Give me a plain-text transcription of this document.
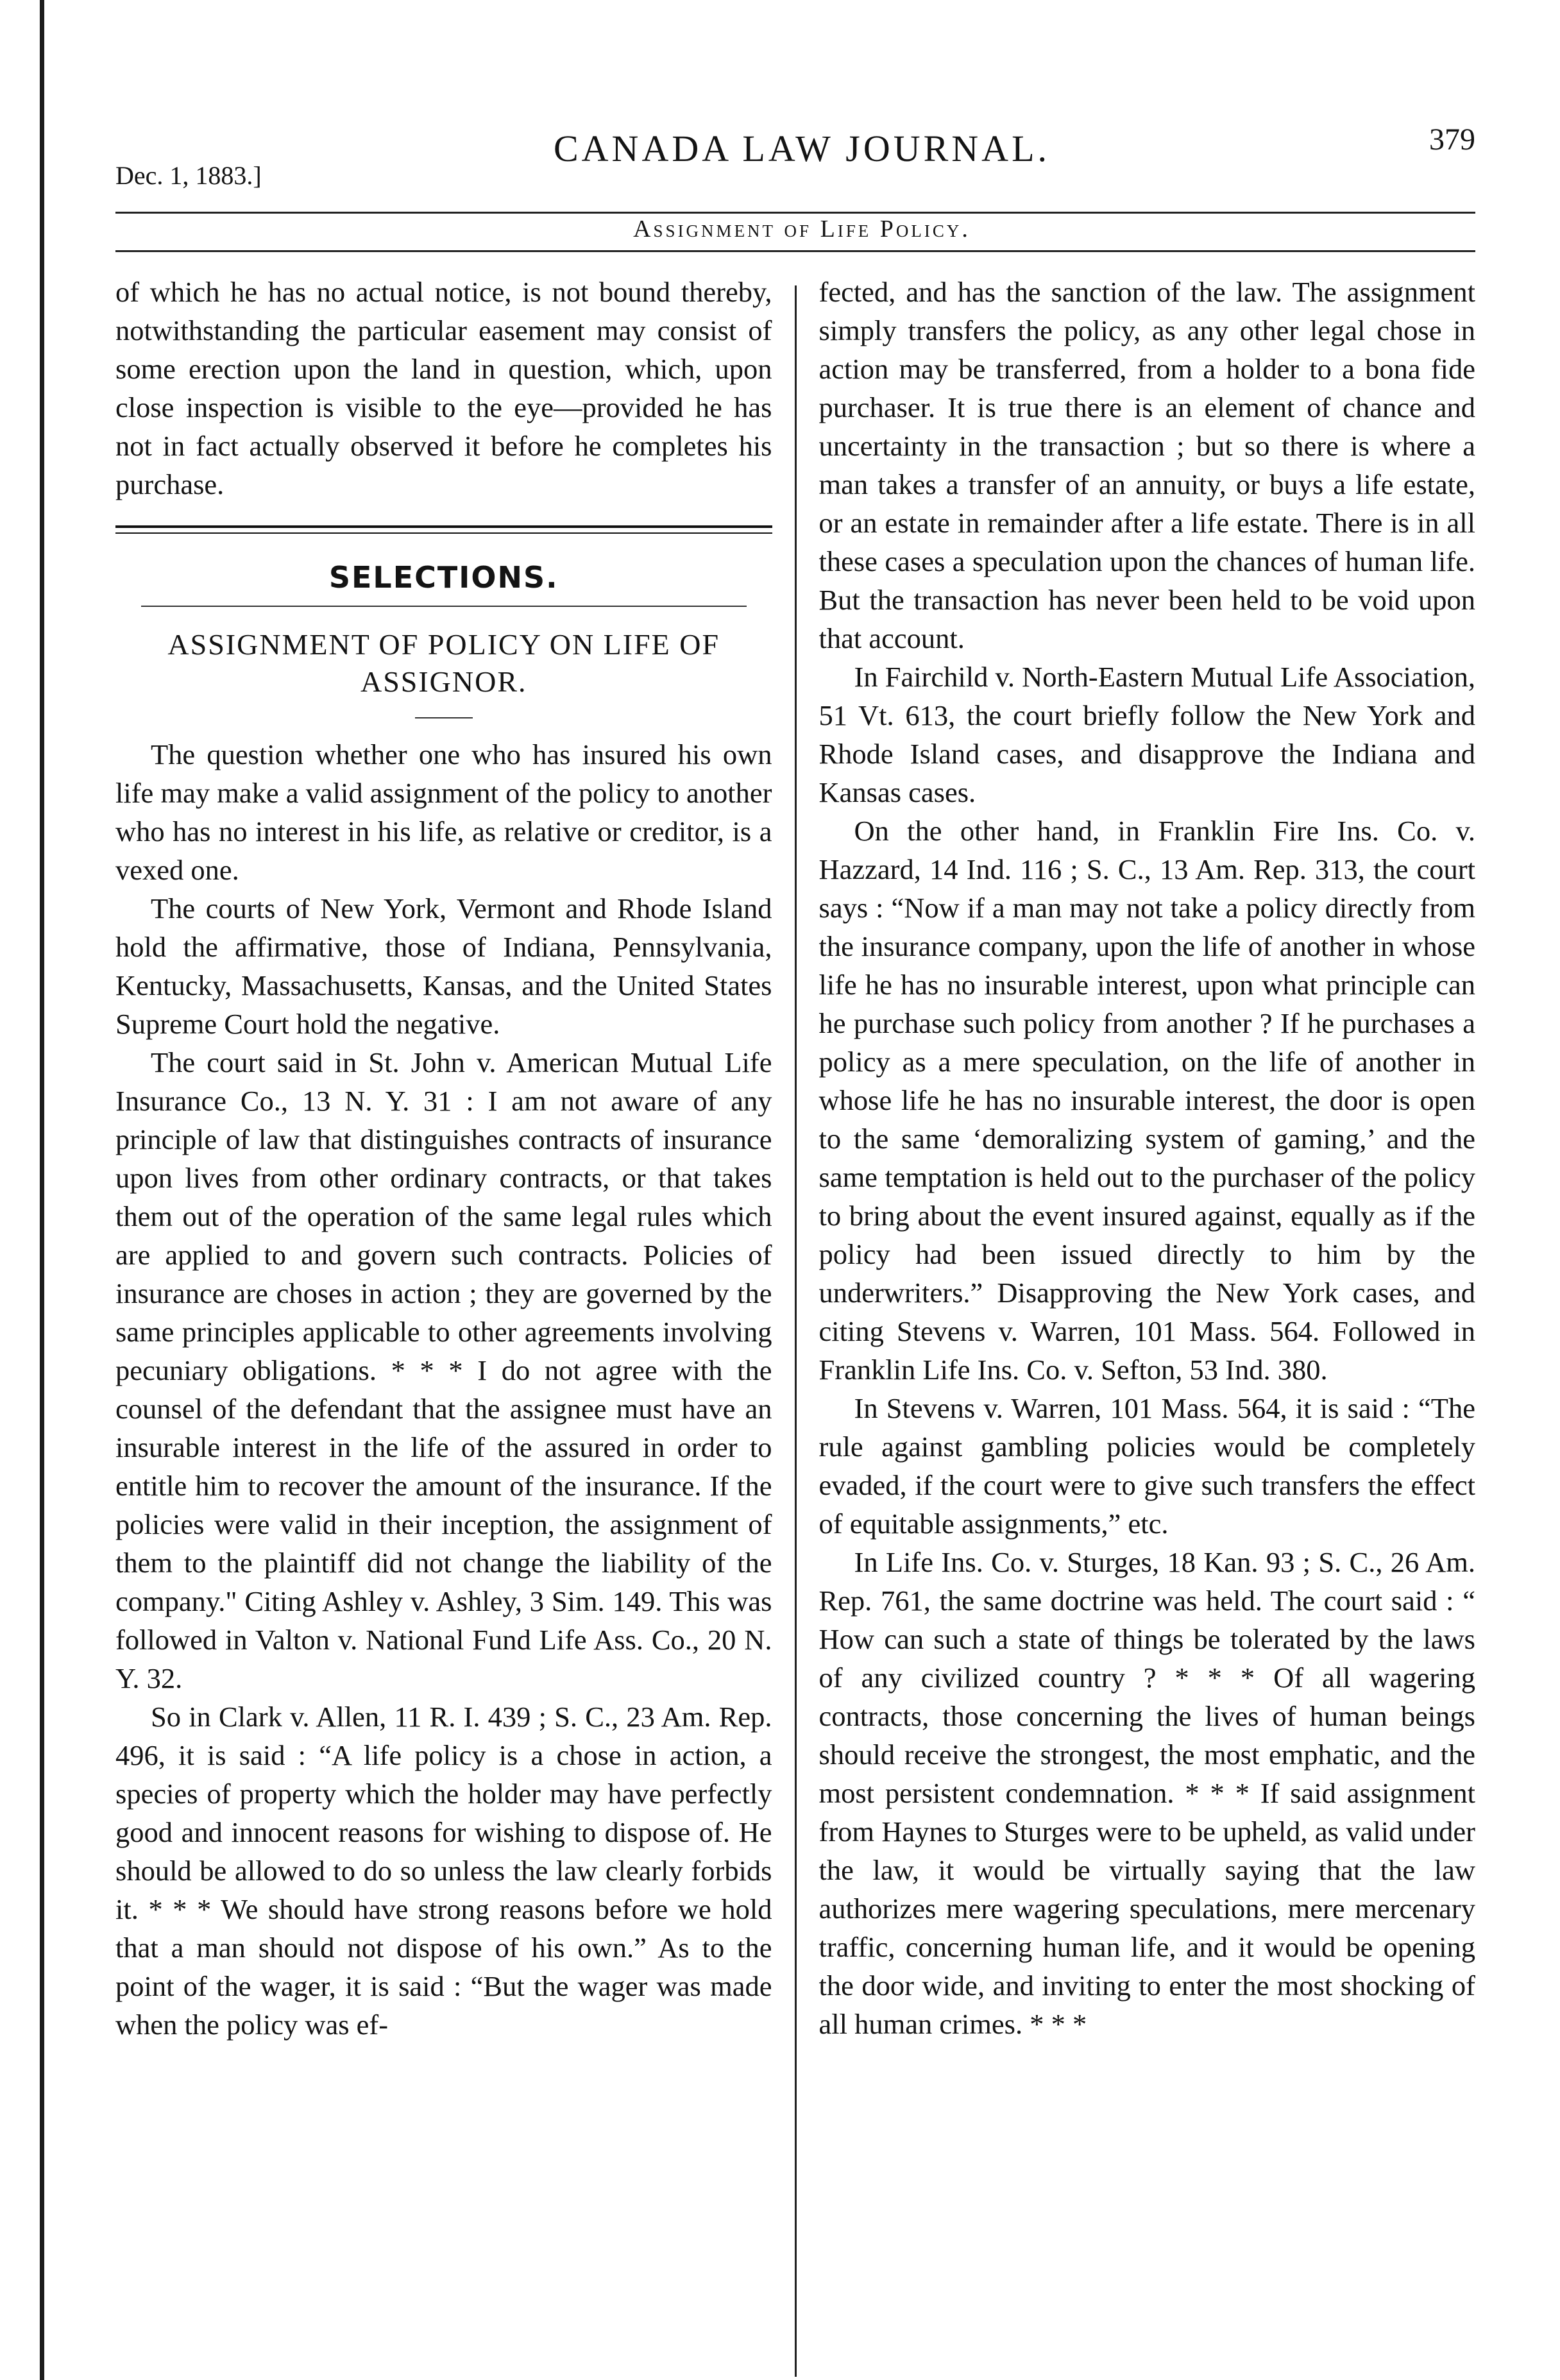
Dec. 1, 1883.]
CANADA LAW JOURNAL.	379
Assignment of Life Policy.

of which he has no actual notice, is not bound thereby, notwithstanding the particular easement may consist of some erection upon the land in question, which, upon close inspection is visible to the eye—provided he has not in fact actually observed it before he completes his purchase.

SELECTIONS.
ASSIGNMENT OF POLICY ON LIFE OF ASSIGNOR.

The question whether one who has insured his own life may make a valid assignment of the policy to another who has no interest in his life, as relative or creditor, is a vexed one.

The courts of New York, Vermont and Rhode Island hold the affirmative, those of Indiana, Pennsylvania, Kentucky, Massachusetts, Kansas, and the United States Supreme Court hold the negative.

The court said in St. John v. American Mutual Life Insurance Co., 13 N. Y. 31 : I am not aware of any principle of law that distinguishes contracts of insurance upon lives from other ordinary contracts, or that takes them out of the operation of the same legal rules which are applied to and govern such contracts. Policies of insurance are choses in action ; they are governed by the same principles applicable to other agreements involving pecuniary obligations. * * * I do not agree with the counsel of the defendant that the assignee must have an insurable interest in the life of the assured in order to entitle him to recover the amount of the insurance. If the policies were valid in their inception, the assignment of them to the plaintiff did not change the liability of the company." Citing Ashley v. Ashley, 3 Sim. 149. This was followed in Valton v. National Fund Life Ass. Co., 20 N. Y. 32.

So in Clark v. Allen, 11 R. I. 439 ; S. C., 23 Am. Rep. 496, it is said : “A life policy is a chose in action, a species of property which the holder may have perfectly good and innocent reasons for wishing to dispose of. He should be allowed to do so unless the law clearly forbids it. * * * We should have strong reasons before we hold that a man should not dispose of his own.” As to the point of the wager, it is said : “But the wager was made when the policy was ef-

fected, and has the sanction of the law. The assignment simply transfers the policy, as any other legal chose in action may be transferred, from a holder to a bona fide purchaser. It is true there is an element of chance and uncertainty in the transaction ; but so there is where a man takes a transfer of an annuity, or buys a life estate, or an estate in remainder after a life estate. There is in all these cases a speculation upon the chances of human life. But the transaction has never been held to be void upon that account.

In Fairchild v. North-Eastern Mutual Life Association, 51 Vt. 613, the court briefly follow the New York and Rhode Island cases, and disapprove the Indiana and Kansas cases.

On the other hand, in Franklin Fire Ins. Co. v. Hazzard, 14 Ind. 116 ; S. C., 13 Am. Rep. 313, the court says : “Now if a man may not take a policy directly from the insurance company, upon the life of another in whose life he has no insurable interest, upon what principle can he purchase such policy from another ? If he purchases a policy as a mere speculation, on the life of another in whose life he has no insurable interest, the door is open to the same ‘demoralizing system of gaming,’ and the same temptation is held out to the purchaser of the policy to bring about the event insured against, equally as if the policy had been issued directly to him by the underwriters.” Disapproving the New York cases, and citing Stevens v. Warren, 101 Mass. 564. Followed in Franklin Life Ins. Co. v. Sefton, 53 Ind. 380.

In Stevens v. Warren, 101 Mass. 564, it is said : “The rule against gambling policies would be completely evaded, if the court were to give such transfers the effect of equitable assignments,” etc.

In Life Ins. Co. v. Sturges, 18 Kan. 93 ; S. C., 26 Am. Rep. 761, the same doctrine was held. The court said : “ How can such a state of things be tolerated by the laws of any civilized country ? * * * Of all wagering contracts, those concerning the lives of human beings should receive the strongest, the most emphatic, and the most persistent condemnation. * * * If said assignment from Haynes to Sturges were to be upheld, as valid under the law, it would be virtually saying that the law authorizes mere wagering speculations, mere mercenary traffic, concerning human life, and it would be opening the door wide, and inviting to enter the most shocking of all human crimes. * * *
